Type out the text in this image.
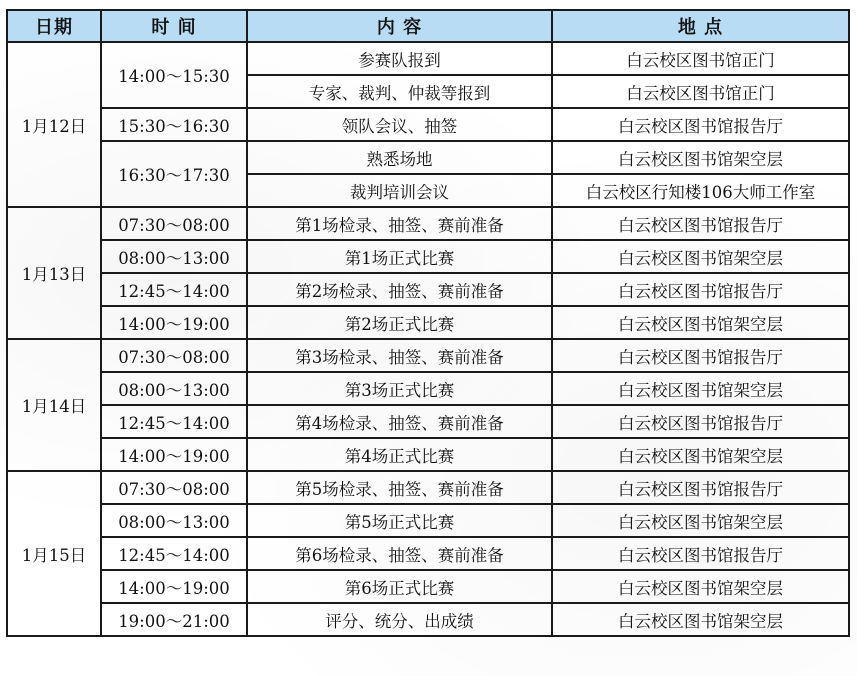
日期	时 间	内 容	地 点
1月12日	14:00～15:30	参赛队报到	白云校区图书馆正门
		专家、裁判、仲裁等报到	白云校区图书馆正门
	15:30～16:30	领队会议、抽签	白云校区图书馆报告厅
	16:30～17:30	熟悉场地	白云校区图书馆架空层
		裁判培训会议	白云校区行知楼106大师工作室
1月13日	07:30～08:00	第1场检录、抽签、赛前准备	白云校区图书馆报告厅
	08:00～13:00	第1场正式比赛	白云校区图书馆架空层
	12:45～14:00	第2场检录、抽签、赛前准备	白云校区图书馆报告厅
	14:00～19:00	第2场正式比赛	白云校区图书馆架空层
1月14日	07:30～08:00	第3场检录、抽签、赛前准备	白云校区图书馆报告厅
	08:00～13:00	第3场正式比赛	白云校区图书馆架空层
	12:45～14:00	第4场检录、抽签、赛前准备	白云校区图书馆报告厅
	14:00～19:00	第4场正式比赛	白云校区图书馆架空层
1月15日	07:30～08:00	第5场检录、抽签、赛前准备	白云校区图书馆报告厅
	08:00～13:00	第5场正式比赛	白云校区图书馆架空层
	12:45～14:00	第6场检录、抽签、赛前准备	白云校区图书馆报告厅
	14:00～19:00	第6场正式比赛	白云校区图书馆架空层
	19:00～21:00	评分、统分、出成绩	白云校区图书馆架空层
